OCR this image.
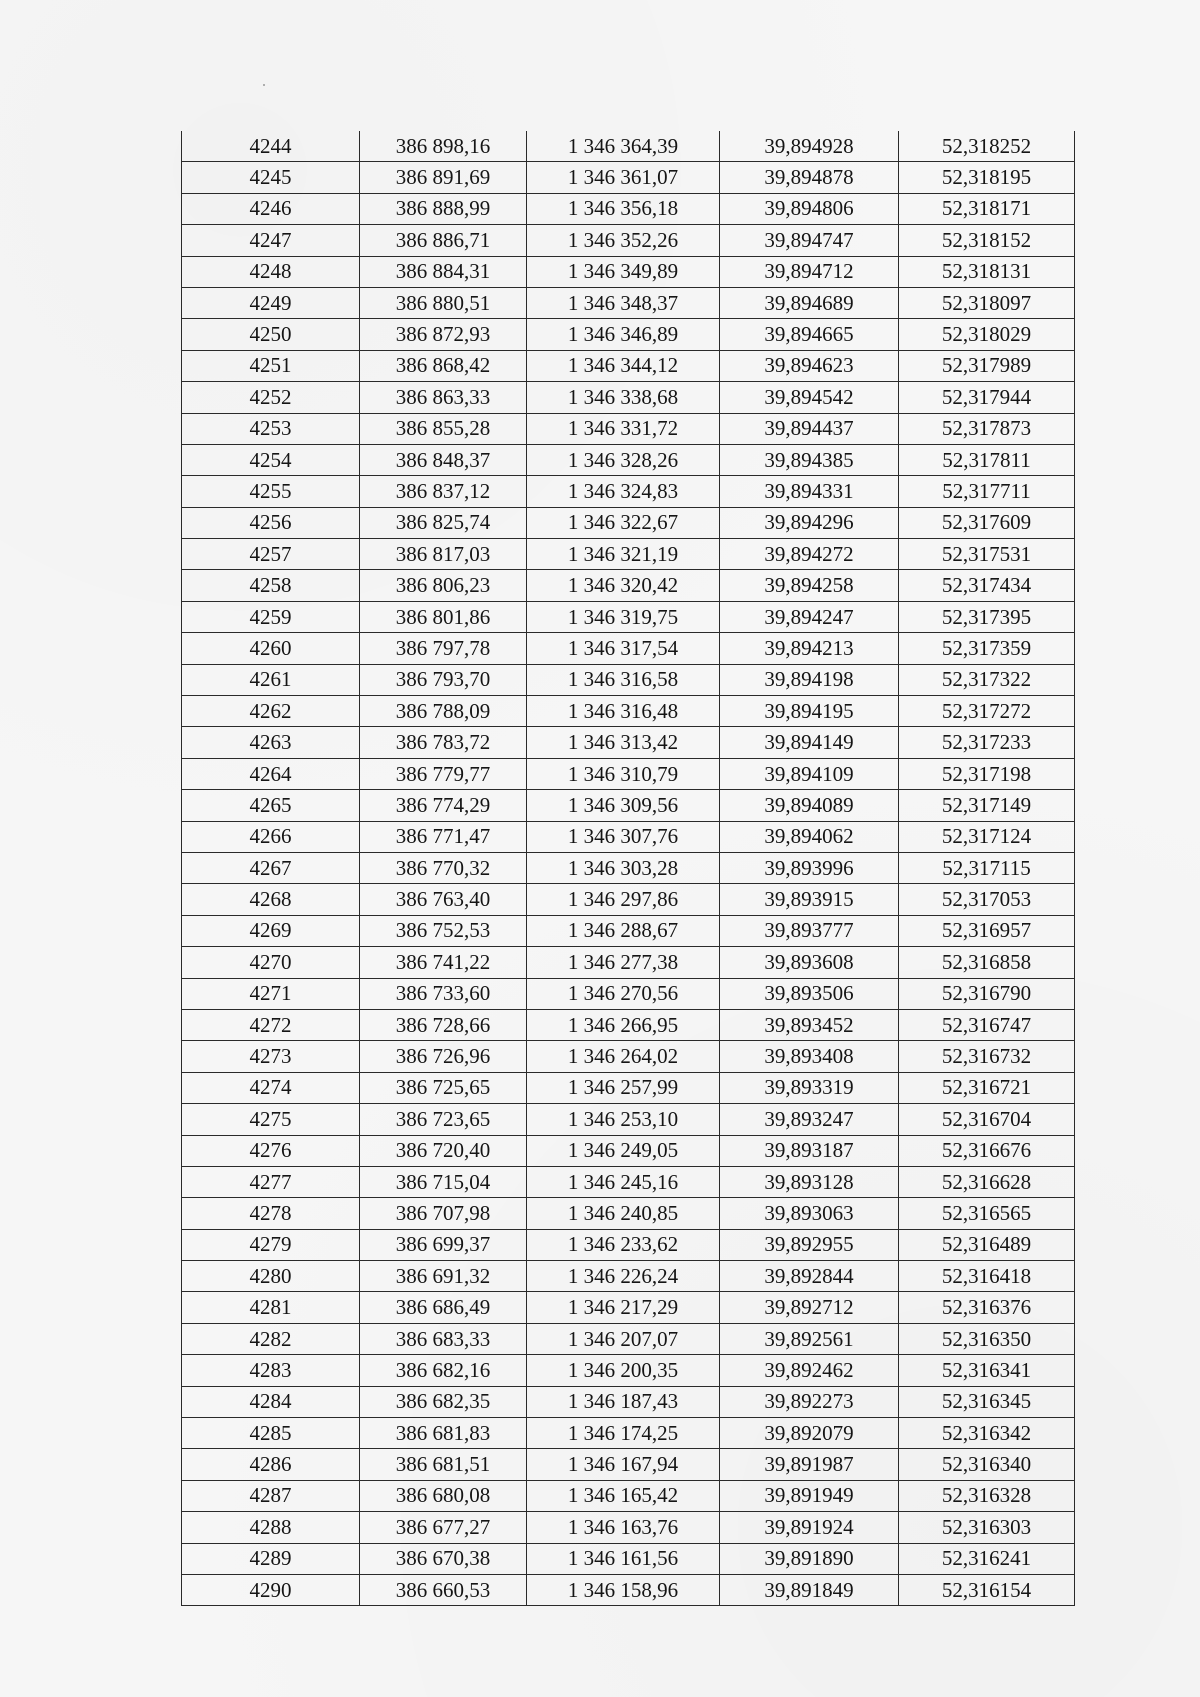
4244	386 898,16	1 346 364,39	39,894928	52,318252
4245	386 891,69	1 346 361,07	39,894878	52,318195
4246	386 888,99	1 346 356,18	39,894806	52,318171
4247	386 886,71	1 346 352,26	39,894747	52,318152
4248	386 884,31	1 346 349,89	39,894712	52,318131
4249	386 880,51	1 346 348,37	39,894689	52,318097
4250	386 872,93	1 346 346,89	39,894665	52,318029
4251	386 868,42	1 346 344,12	39,894623	52,317989
4252	386 863,33	1 346 338,68	39,894542	52,317944
4253	386 855,28	1 346 331,72	39,894437	52,317873
4254	386 848,37	1 346 328,26	39,894385	52,317811
4255	386 837,12	1 346 324,83	39,894331	52,317711
4256	386 825,74	1 346 322,67	39,894296	52,317609
4257	386 817,03	1 346 321,19	39,894272	52,317531
4258	386 806,23	1 346 320,42	39,894258	52,317434
4259	386 801,86	1 346 319,75	39,894247	52,317395
4260	386 797,78	1 346 317,54	39,894213	52,317359
4261	386 793,70	1 346 316,58	39,894198	52,317322
4262	386 788,09	1 346 316,48	39,894195	52,317272
4263	386 783,72	1 346 313,42	39,894149	52,317233
4264	386 779,77	1 346 310,79	39,894109	52,317198
4265	386 774,29	1 346 309,56	39,894089	52,317149
4266	386 771,47	1 346 307,76	39,894062	52,317124
4267	386 770,32	1 346 303,28	39,893996	52,317115
4268	386 763,40	1 346 297,86	39,893915	52,317053
4269	386 752,53	1 346 288,67	39,893777	52,316957
4270	386 741,22	1 346 277,38	39,893608	52,316858
4271	386 733,60	1 346 270,56	39,893506	52,316790
4272	386 728,66	1 346 266,95	39,893452	52,316747
4273	386 726,96	1 346 264,02	39,893408	52,316732
4274	386 725,65	1 346 257,99	39,893319	52,316721
4275	386 723,65	1 346 253,10	39,893247	52,316704
4276	386 720,40	1 346 249,05	39,893187	52,316676
4277	386 715,04	1 346 245,16	39,893128	52,316628
4278	386 707,98	1 346 240,85	39,893063	52,316565
4279	386 699,37	1 346 233,62	39,892955	52,316489
4280	386 691,32	1 346 226,24	39,892844	52,316418
4281	386 686,49	1 346 217,29	39,892712	52,316376
4282	386 683,33	1 346 207,07	39,892561	52,316350
4283	386 682,16	1 346 200,35	39,892462	52,316341
4284	386 682,35	1 346 187,43	39,892273	52,316345
4285	386 681,83	1 346 174,25	39,892079	52,316342
4286	386 681,51	1 346 167,94	39,891987	52,316340
4287	386 680,08	1 346 165,42	39,891949	52,316328
4288	386 677,27	1 346 163,76	39,891924	52,316303
4289	386 670,38	1 346 161,56	39,891890	52,316241
4290	386 660,53	1 346 158,96	39,891849	52,316154
